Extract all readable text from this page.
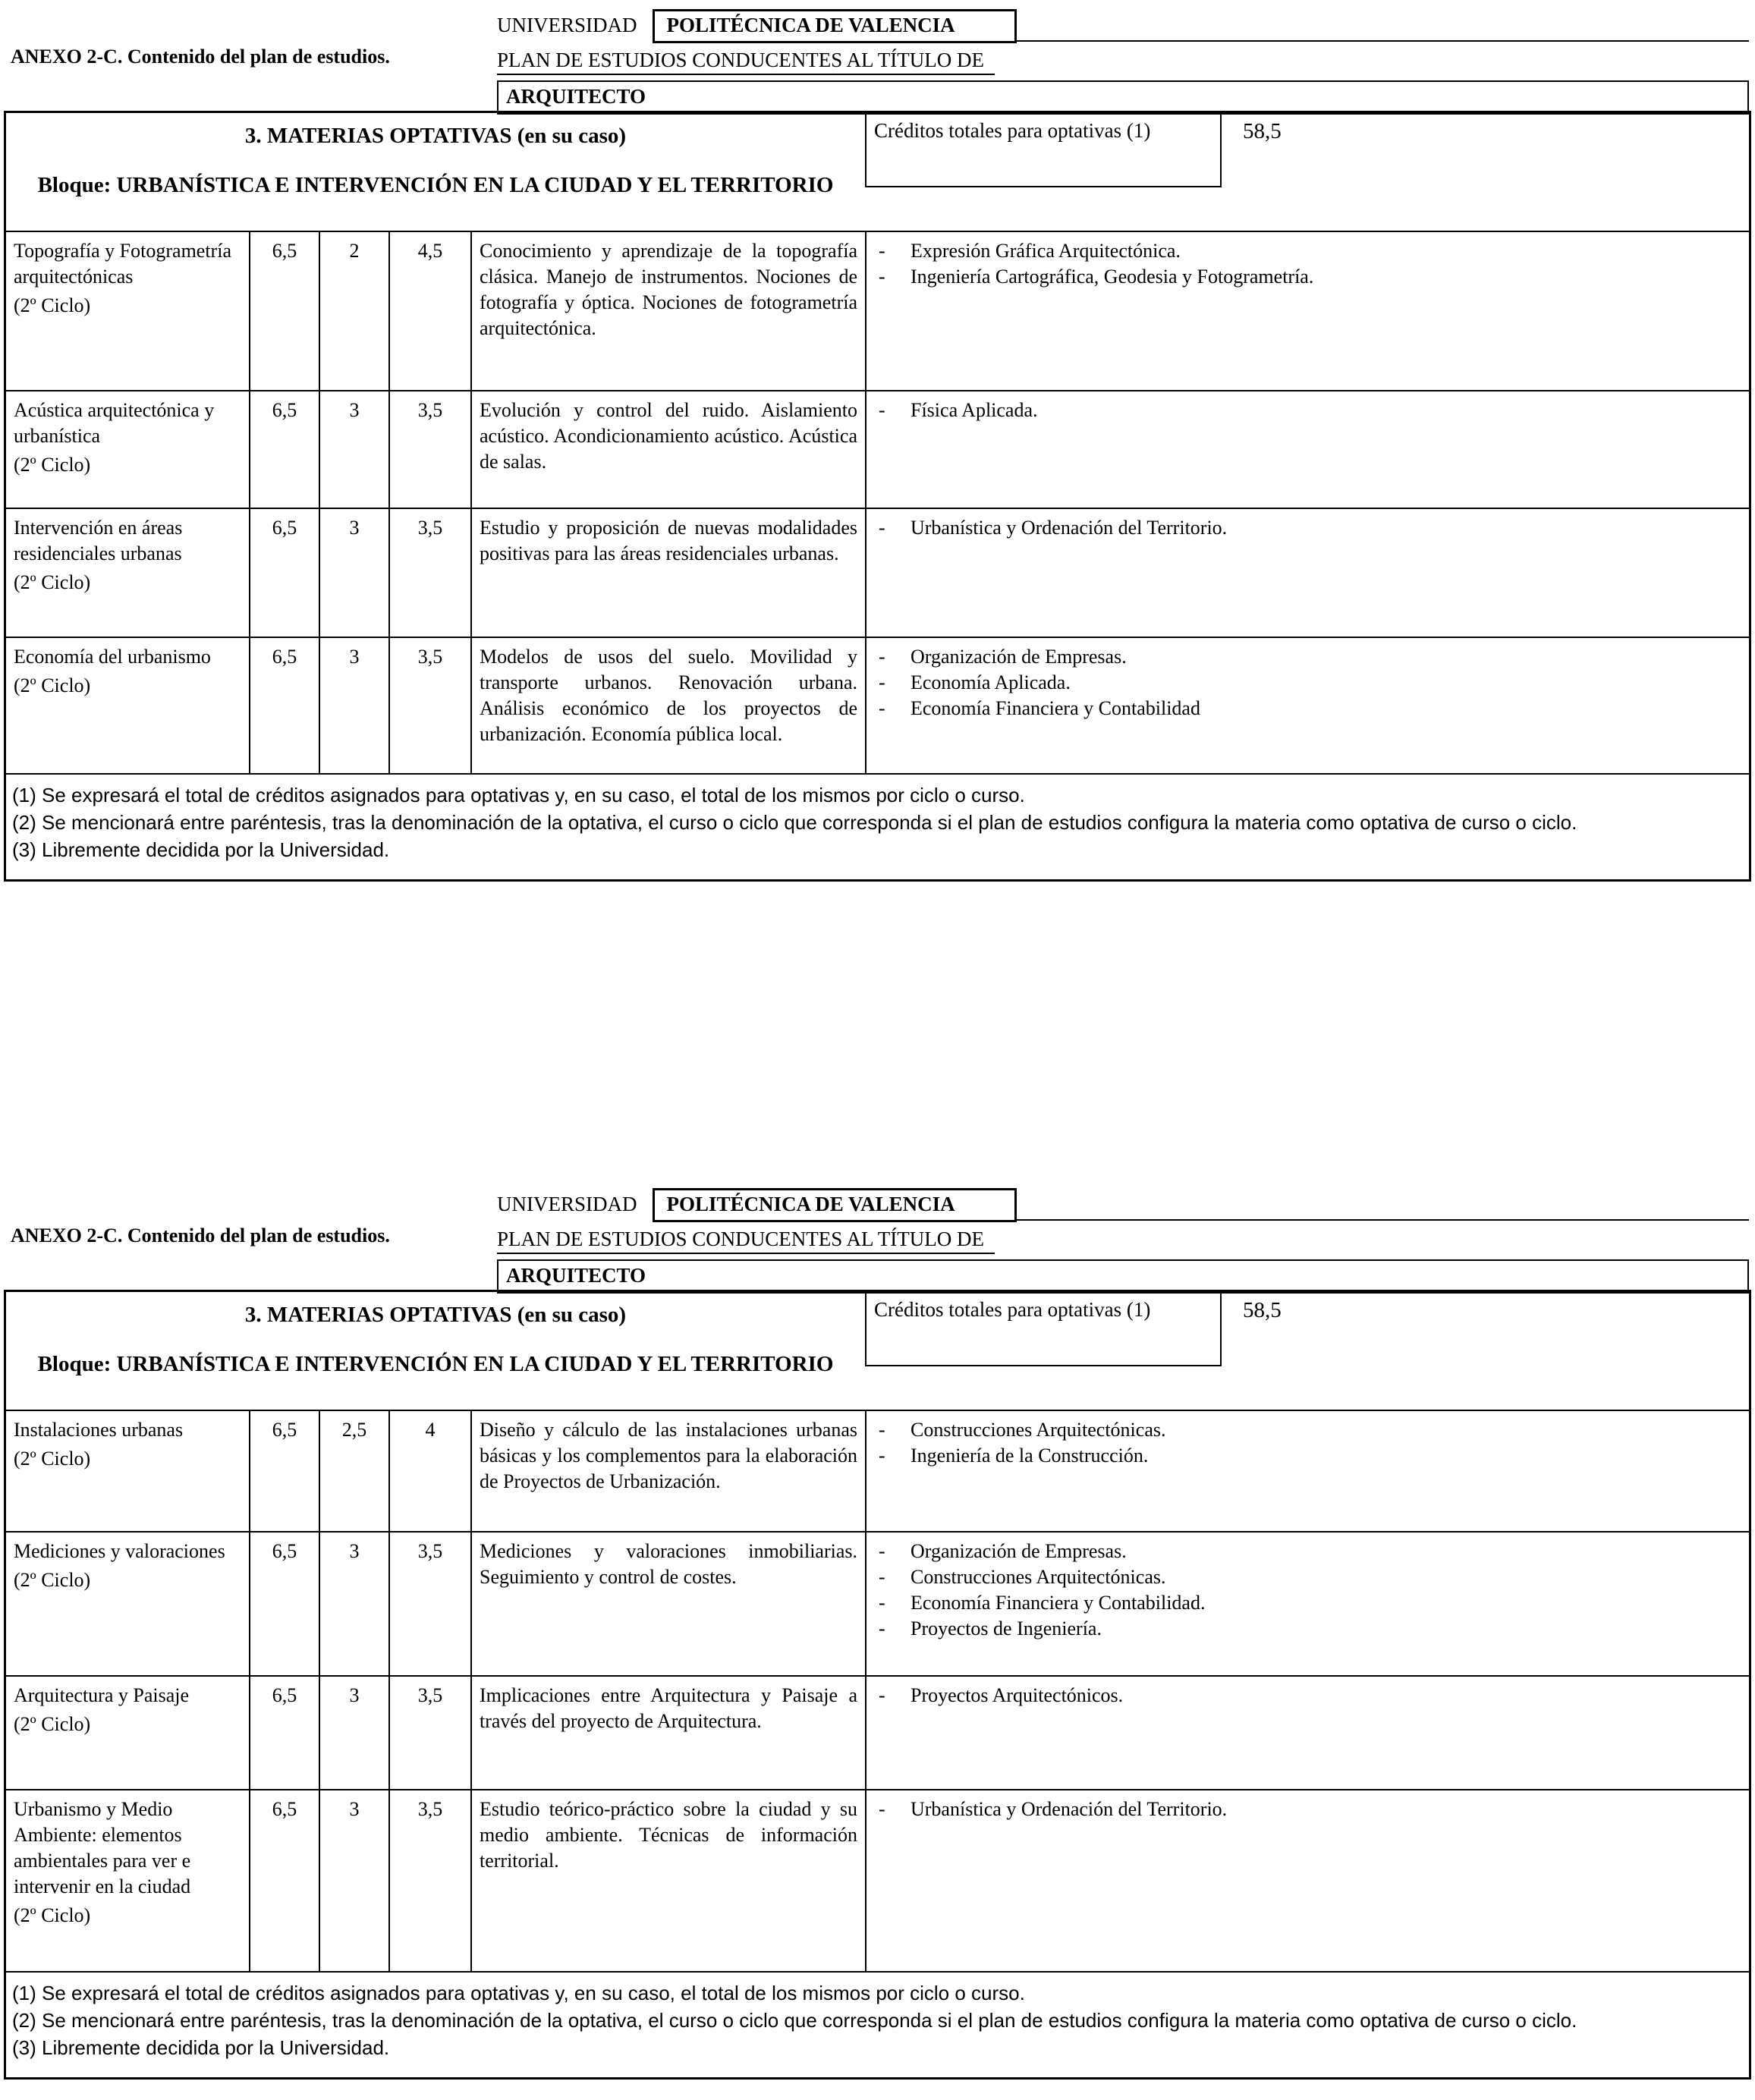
ANEXO 2-C. Contenido del plan de estudios.
UNIVERSIDAD	POLITÉCNICA DE VALENCIA
PLAN DE ESTUDIOS CONDUCENTES AL TÍTULO DE
ARQUITECTO
3. MATERIAS OPTATIVAS (en su caso)
Bloque: URBANÍSTICA E INTERVENCIÓN EN LA CIUDAD Y EL TERRITORIO
Créditos totales para optativas (1)	58,5
Topografía y Fotogrametría arquitectónicas
(2º Ciclo)
6,5	2	4,5	Conocimiento y aprendizaje de la topografía clásica. Manejo de instrumentos. Nociones de fotografía y óptica. Nociones de fotogrametría arquitectónica.
- Expresión Gráfica Arquitectónica.
- Ingeniería Cartográfica, Geodesia y Fotogrametría.
Acústica arquitectónica y urbanística
(2º Ciclo)
6,5	3	3,5	Evolución y control del ruido. Aislamiento acústico. Acondicionamiento acústico. Acústica de salas.
- Física Aplicada.
Intervención en áreas residenciales urbanas
(2º Ciclo)
6,5	3	3,5	Estudio y proposición de nuevas modalidades positivas para las áreas residenciales urbanas.
- Urbanística y Ordenación del Territorio.
Economía del urbanismo
(2º Ciclo)
6,5	3	3,5	Modelos de usos del suelo. Movilidad y transporte urbanos. Renovación urbana. Análisis económico de los proyectos de urbanización. Economía pública local.
- Organización de Empresas.
- Economía Aplicada.
- Economía Financiera y Contabilidad
(1) Se expresará el total de créditos asignados para optativas y, en su caso, el total de los mismos por ciclo o curso.
(2) Se mencionará entre paréntesis, tras la denominación de la optativa, el curso o ciclo que corresponda si el plan de estudios configura la materia como optativa de curso o ciclo.
(3) Libremente decidida por la Universidad.
ANEXO 2-C. Contenido del plan de estudios.
UNIVERSIDAD	POLITÉCNICA DE VALENCIA
PLAN DE ESTUDIOS CONDUCENTES AL TÍTULO DE
ARQUITECTO
3. MATERIAS OPTATIVAS (en su caso)
Bloque: URBANÍSTICA E INTERVENCIÓN EN LA CIUDAD Y EL TERRITORIO
Créditos totales para optativas (1)	58,5
Instalaciones urbanas
(2º Ciclo)
6,5	2,5	4	Diseño y cálculo de las instalaciones urbanas básicas y los complementos para la elaboración de Proyectos de Urbanización.
- Construcciones Arquitectónicas.
- Ingeniería de la Construcción.
Mediciones y valoraciones
(2º Ciclo)
6,5	3	3,5	Mediciones y valoraciones inmobiliarias. Seguimiento y control de costes.
- Organización de Empresas.
- Construcciones Arquitectónicas.
- Economía Financiera y Contabilidad.
- Proyectos de Ingeniería.
Arquitectura y Paisaje
(2º Ciclo)
6,5	3	3,5	Implicaciones entre Arquitectura y Paisaje a través del proyecto de Arquitectura.
- Proyectos Arquitectónicos.
Urbanismo y Medio Ambiente: elementos ambientales para ver e intervenir en la ciudad
(2º Ciclo)
6,5	3	3,5	Estudio teórico-práctico sobre la ciudad y su medio ambiente. Técnicas de información territorial.
- Urbanística y Ordenación del Territorio.
(1) Se expresará el total de créditos asignados para optativas y, en su caso, el total de los mismos por ciclo o curso.
(2) Se mencionará entre paréntesis, tras la denominación de la optativa, el curso o ciclo que corresponda si el plan de estudios configura la materia como optativa de curso o ciclo.
(3) Libremente decidida por la Universidad.
